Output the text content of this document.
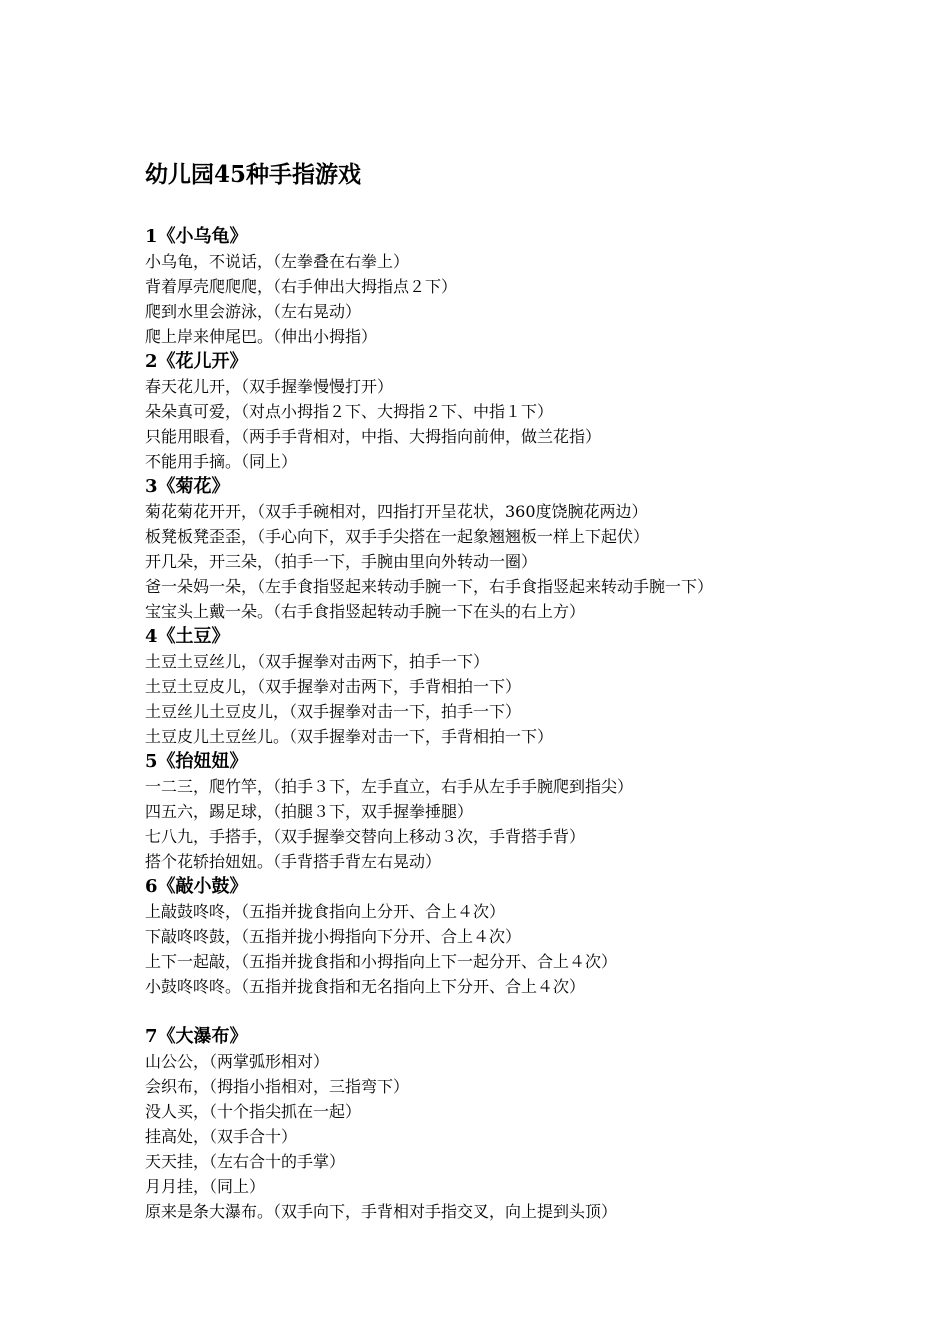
幼儿园45种手指游戏
1《小乌龟》
小乌龟，不说话，（左拳叠在右拳上）
背着厚壳爬爬爬，（右手伸出大拇指点２下）
爬到水里会游泳，（左右晃动）
爬上岸来伸尾巴。（伸出小拇指）
2《花儿开》
春天花儿开，（双手握拳慢慢打开）
朵朵真可爱，（对点小拇指２下、大拇指２下、中指１下）
只能用眼看，（两手手背相对，中指、大拇指向前伸，做兰花指）
不能用手摘。（同上）
3《菊花》
菊花菊花开开，（双手手碗相对，四指打开呈花状，360度饶腕花两边）
板凳板凳歪歪，（手心向下，双手手尖搭在一起象翘翘板一样上下起伏）
开几朵，开三朵，（拍手一下，手腕由里向外转动一圈）
爸一朵妈一朵，（左手食指竖起来转动手腕一下，右手食指竖起来转动手腕一下）
宝宝头上戴一朵。（右手食指竖起转动手腕一下在头的右上方）
4《土豆》
土豆土豆丝儿，（双手握拳对击两下，拍手一下）
土豆土豆皮儿，（双手握拳对击两下，手背相拍一下）
土豆丝儿土豆皮儿，（双手握拳对击一下，拍手一下）
土豆皮儿土豆丝儿。（双手握拳对击一下，手背相拍一下）
5《抬妞妞》
一二三，爬竹竿，（拍手３下，左手直立，右手从左手手腕爬到指尖）
四五六，踢足球，（拍腿３下，双手握拳捶腿）
七八九，手搭手，（双手握拳交替向上移动３次，手背搭手背）
搭个花轿抬妞妞。（手背搭手背左右晃动）
6《敲小鼓》
上敲鼓咚咚，（五指并拢食指向上分开、合上４次）
下敲咚咚鼓，（五指并拢小拇指向下分开、合上４次）
上下一起敲，（五指并拢食指和小拇指向上下一起分开、合上４次）
小鼓咚咚咚。（五指并拢食指和无名指向上下分开、合上４次）
7《大瀑布》
山公公，（两掌弧形相对）
会织布，（拇指小指相对，三指弯下）
没人买，（十个指尖抓在一起）
挂高处，（双手合十）
天天挂，（左右合十的手掌）
月月挂，（同上）
原来是条大瀑布。（双手向下，手背相对手指交叉，向上提到头顶）
